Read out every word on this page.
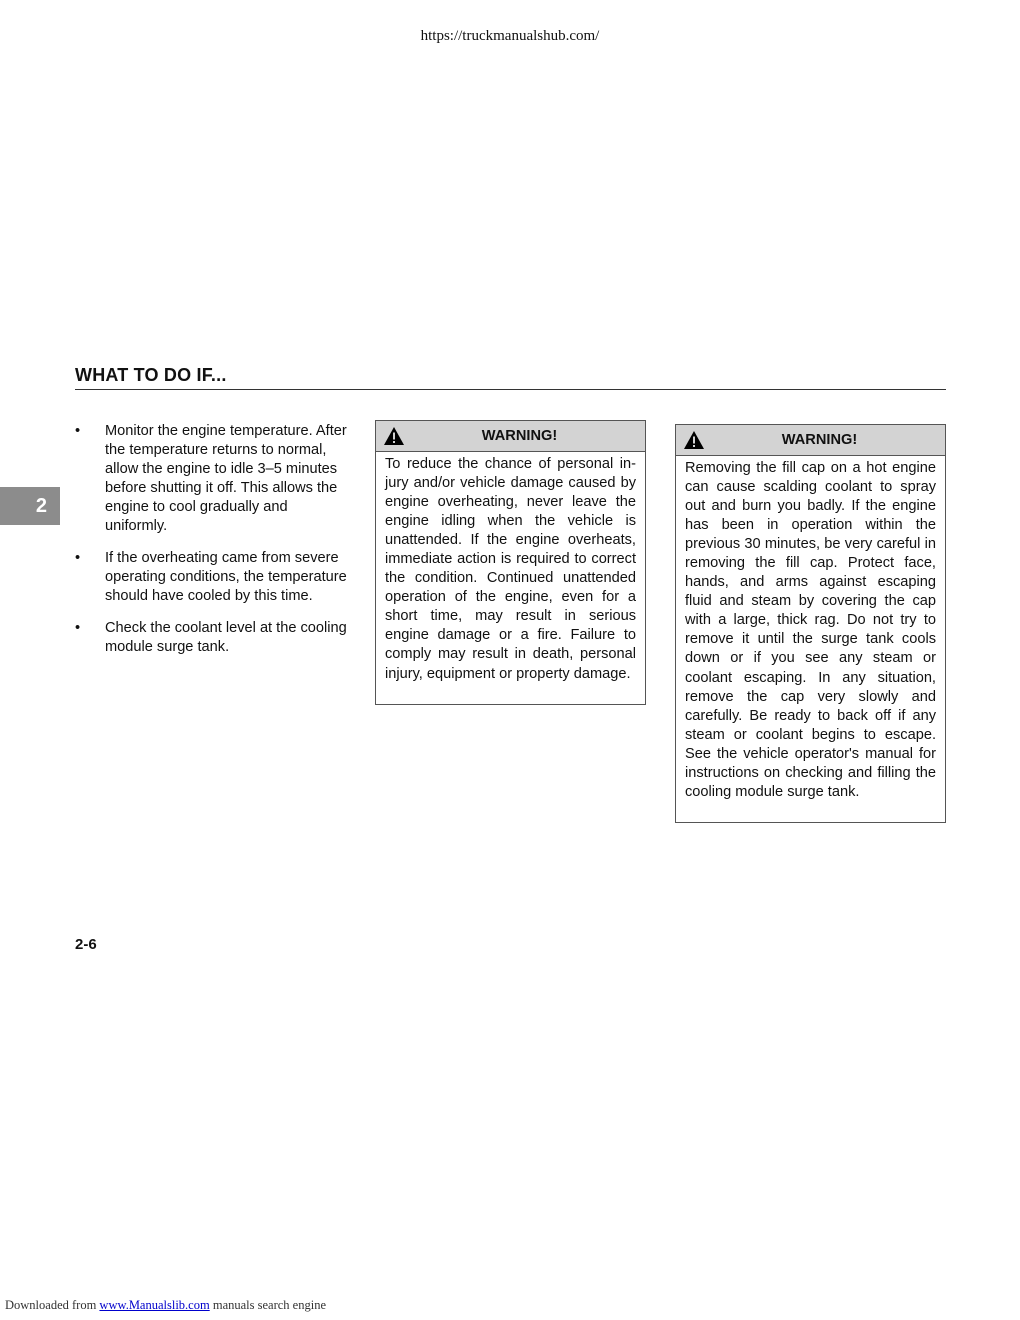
https://truckmanualshub.com/
WHAT TO DO IF...
2
• Monitor the engine temperature. After the temperature returns to normal, allow the engine to idle 3–5 minutes before shutting it off. This allows the engine to cool gradually and uniformly.
• If the overheating came from severe operating conditions, the temperature should have cooled by this time.
• Check the coolant level at the cooling module surge tank.
WARNING!
To reduce the chance of personal injury and/or vehicle damage caused by engine overheating, never leave the engine idling when the vehicle is unattended. If the engine overheats, immediate action is required to correct the condition. Continued unattended operation of the engine, even for a short time, may result in serious engine damage or a fire. Failure to comply may result in death, personal injury, equipment or property damage.
WARNING!
Removing the fill cap on a hot engine can cause scalding coolant to spray out and burn you badly. If the engine has been in operation within the previous 30 minutes, be very careful in removing the fill cap. Protect face, hands, and arms against escaping fluid and steam by covering the cap with a large, thick rag. Do not try to remove it until the surge tank cools down or if you see any steam or coolant escaping. In any situation, remove the cap very slowly and carefully. Be ready to back off if any steam or coolant begins to escape. See the vehicle operator's manual for instructions on checking and filling the cooling module surge tank.
2-6
Downloaded from www.Manualslib.com manuals search engine
